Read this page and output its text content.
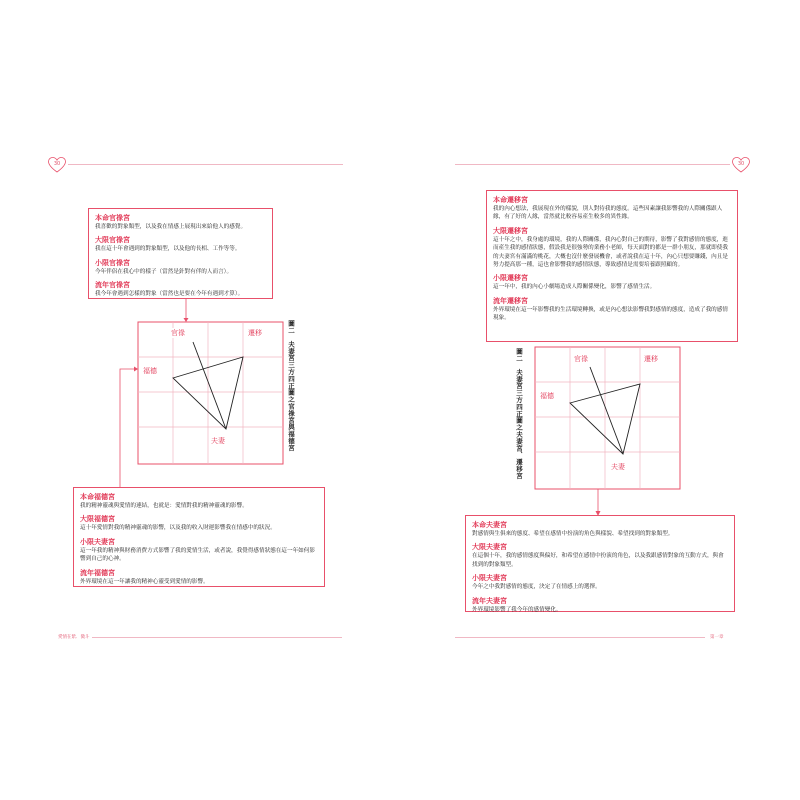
30
本命官祿宮
我喜歡的對象類型，以及我在情感上展現出來給他人的感覺。
大限官祿宮
我在這十年會遇到的對象類型，以及他的長相、工作等等。
小限官祿宮
今年伴侶在我心中的樣子（當然是針對有伴的人而言）。
流年官祿宮
我今年會遇到怎樣的對象（當然也是要在今年有遇到才算）。
官祿	遷移
福德
夫妻	圖二　夫妻宮三方四正圖之官祿宮與福德宮
本命福德宮
我的精神靈魂與愛情的連結，也就是：愛情對我的精神靈魂的影響。
大限福德宮
這十年愛情對我的精神靈魂的影響，以及我的收入財運影響我在情感中的狀況。
小限夫妻宮
這一年我的精神與財務消費方式影響了我的愛情生活，或者說，我覺得感情狀態在這一年如何影響到自己的心神。
流年福德宮
外界環境在這一年讓我的精神心靈受到愛情的影響。
愛情在紫．微斗
30
本命遷移宮
我的內心想法，我展現在外的樣貌，別人對待我的態度。這些因素讓我影響我的人際關係跟人緣，有了好的人緣，當然就比較容易產生較多的異性緣。
大限遷移宮
這十年之中，我身處的環境，我的人際關係，我內心對自己的期待，影響了我對感情的態度，進而產生我的感情狀態，假設我是很強勢的業務小老師，每天面對的都是一群小朋友，那就即使我的夫妻宮有滿滿的桃花，大概也沒什麼發展機會，或者說我在這十年，內心只想要賺錢，內且是努力提高那一種，這也會影響我的感情狀態，導致感情是需要培養跟照顧的。
小限遷移宮
這一年中，我的內心小劇場造成人際關係變化，影響了感情生活。
流年遷移宮
外界環境在這一年影響我的生活環境轉換，或是內心想法影響我對感情的態度，造成了我的感情現象。
圖二　夫妻宮三方四正圖之夫妻宮、遷移宮	官祿	遷移
福德
夫妻
本命夫妻宮
對感情與生俱來的態度、希望在感情中扮演的角色與樣貌、希望找到的對象類型。
大限夫妻宮
在這個十年，我的感情態度與偏好，和希望在感情中扮演的角色，以及我跟感情對象的互動方式，與會找到的對象類型。
小限夫妻宮
今年之中我對感情的態度，決定了在情感上的選擇。
流年夫妻宮
外界環境影響了我今年的感情變化。
第一章
